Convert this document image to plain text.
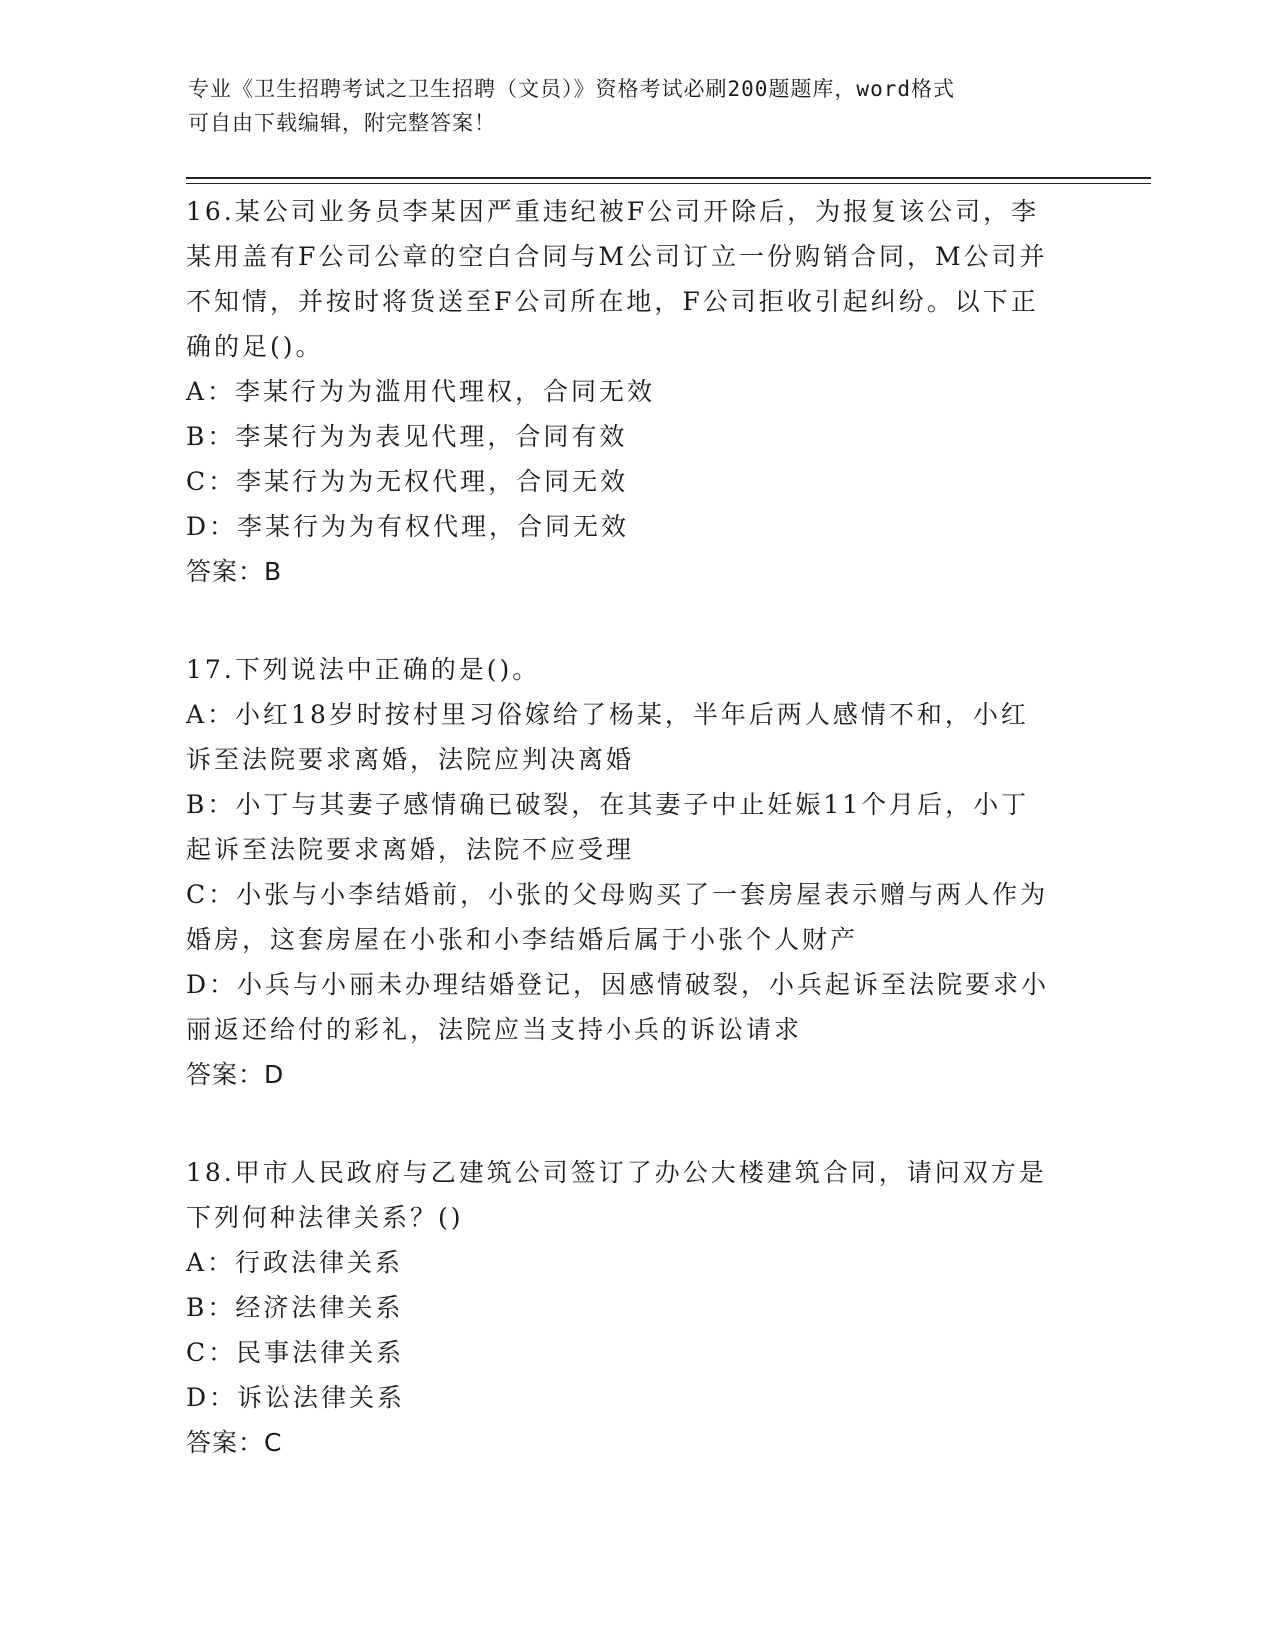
专业《卫生招聘考试之卫生招聘（文员）》资格考试必刷200题题库，word格式
可自由下载编辑，附完整答案！
16.某公司业务员李某因严重违纪被F公司开除后，为报复该公司，李
某用盖有F公司公章的空白合同与M公司订立一份购销合同，M公司并
不知情，并按时将货送至F公司所在地，F公司拒收引起纠纷。以下正
确的足()。
A：李某行为为滥用代理权，合同无效
B：李某行为为表见代理，合同有效
C：李某行为为无权代理，合同无效
D：李某行为为有权代理，合同无效
答案：B
17.下列说法中正确的是()。
A：小红18岁时按村里习俗嫁给了杨某，半年后两人感情不和，小红
诉至法院要求离婚，法院应判决离婚
B：小丁与其妻子感情确已破裂，在其妻子中止妊娠11个月后，小丁
起诉至法院要求离婚，法院不应受理
C：小张与小李结婚前，小张的父母购买了一套房屋表示赠与两人作为
婚房，这套房屋在小张和小李结婚后属于小张个人财产
D：小兵与小丽未办理结婚登记，因感情破裂，小兵起诉至法院要求小
丽返还给付的彩礼，法院应当支持小兵的诉讼请求
答案：D
18.甲市人民政府与乙建筑公司签订了办公大楼建筑合同，请问双方是
下列何种法律关系？()
A：行政法律关系
B：经济法律关系
C：民事法律关系
D：诉讼法律关系
答案：C
